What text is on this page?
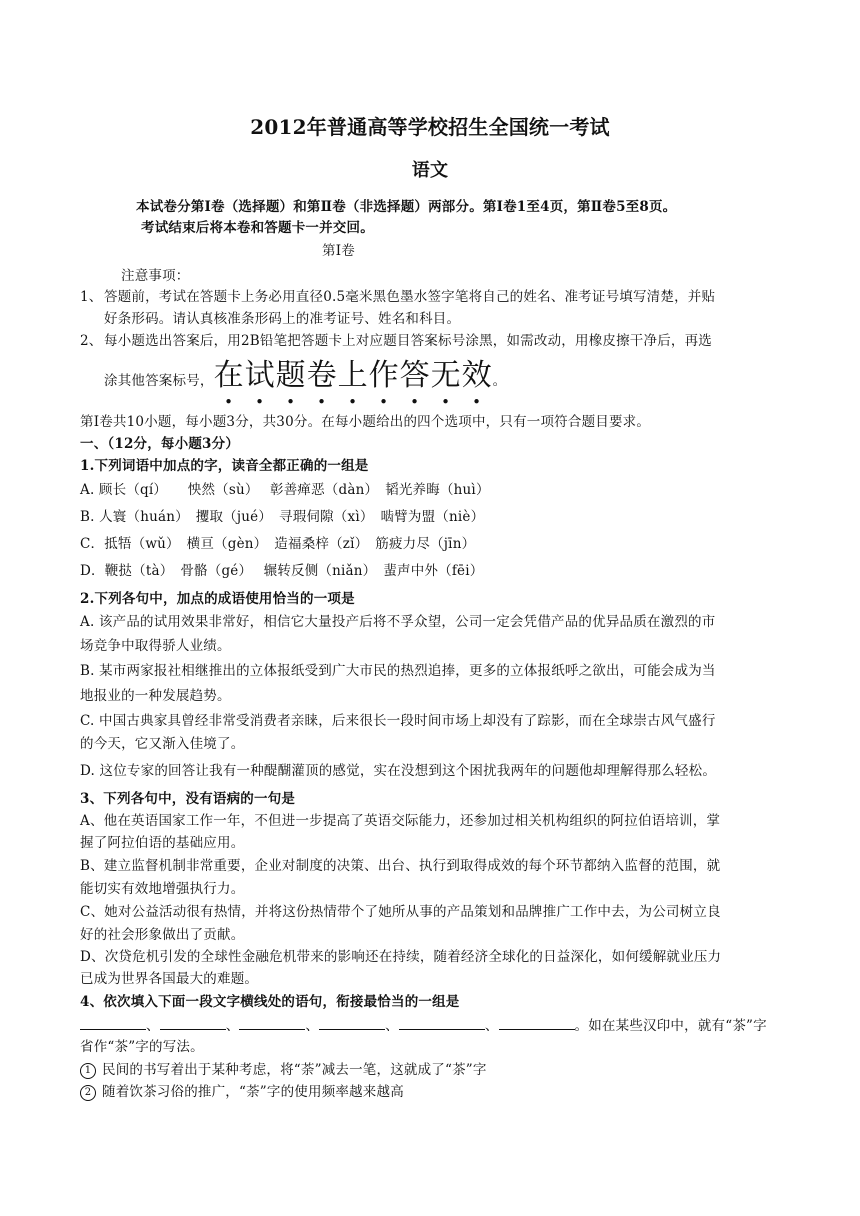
2012年普通高等学校招生全国统一考试
语文
本试卷分第Ⅰ卷（选择题）和第Ⅱ卷（非选择题）两部分。第Ⅰ卷1至4页，第Ⅱ卷5至8页。
考试结束后将本卷和答题卡一并交回。
第Ⅰ卷
注意事项：
1、 答题前，考试在答题卡上务必用直径0.5毫米黑色墨水签字笔将自己的姓名、准考证号填写清楚，并贴
好条形码。请认真核准条形码上的准考证号、姓名和科目。
2、 每小题选出答案后，用2B铅笔把答题卡上对应题目答案标号涂黑，如需改动，用橡皮擦干净后，再选
涂其他答案标号，在试题卷上作答无效。
第Ⅰ卷共10小题，每小题3分，共30分。在每小题给出的四个选项中，只有一项符合题目要求。
一、（12分，每小题3分）
1.下列词语中加点的字，读音全都正确的一组是
A. 顾长（qí）　　怏然（sù）　 彰善瘅恶（dàn）　韬光养晦（huì）
B. 人寰（huán）　攫取（jué）　寻瑕伺隙（xì）　啮臂为盟（niè）
C．抵牾（wǔ）　横亘（gèn）　造福桑梓（zǐ）　筋疲力尽（jīn）
D．鞭挞（tà）　骨骼（gé）　 辗转反侧（niǎn）　蜚声中外（fēi）
2.下列各句中，加点的成语使用恰当的一项是
A. 该产品的试用效果非常好，相信它大量投产后将不孚众望，公司一定会凭借产品的优异品质在激烈的市
场竞争中取得骄人业绩。
B. 某市两家报社相继推出的立体报纸受到广大市民的热烈追捧，更多的立体报纸呼之欲出，可能会成为当
地报业的一种发展趋势。
C. 中国古典家具曾经非常受消费者亲睐，后来很长一段时间市场上却没有了踪影，而在全球崇古风气盛行
的今天，它又渐入佳境了。
D. 这位专家的回答让我有一种醍醐灌顶的感觉，实在没想到这个困扰我两年的问题他却理解得那么轻松。
3、下列各句中，没有语病的一句是
A、他在英语国家工作一年，不但进一步提高了英语交际能力，还参加过相关机构组织的阿拉伯语培训，掌
握了阿拉伯语的基础应用。
B、建立监督机制非常重要，企业对制度的决策、出台、执行到取得成效的每个环节都纳入监督的范围，就
能切实有效地增强执行力。
C、她对公益活动很有热情，并将这份热情带个了她所从事的产品策划和品牌推广工作中去，为公司树立良
好的社会形象做出了贡献。
D、次贷危机引发的全球性金融危机带来的影响还在持续，随着经济全球化的日益深化，如何缓解就业压力
已成为世界各国最大的难题。
4、依次填入下面一段文字横线处的语句，衔接最恰当的一组是
、	、	、	、	、	。如在某些汉印中，就有“茶”字
省作“茶”字的写法。
1 民间的书写着出于某种考虑，将“荼”减去一笔，这就成了“茶”字
2 随着饮茶习俗的推广，“荼”字的使用频率越来越高
